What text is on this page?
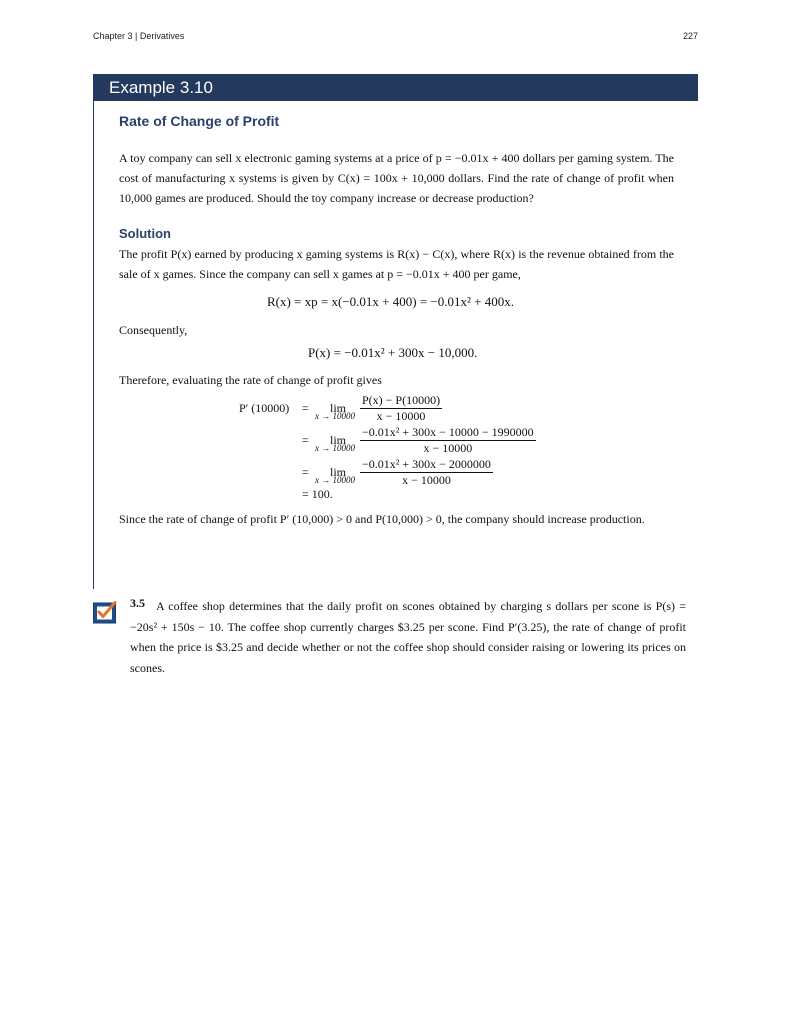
Chapter 3 | Derivatives	227
Example 3.10
Rate of Change of Profit
A toy company can sell x electronic gaming systems at a price of p = −0.01x + 400 dollars per gaming system. The cost of manufacturing x systems is given by C(x) = 100x + 10,000 dollars. Find the rate of change of profit when 10,000 games are produced. Should the toy company increase or decrease production?
Solution
The profit P(x) earned by producing x gaming systems is R(x) − C(x), where R(x) is the revenue obtained from the sale of x games. Since the company can sell x games at p = −0.01x + 400 per game,
R(x) = xp = x(−0.01x + 400) = −0.01x² + 400x.
Consequently,
P(x) = −0.01x² + 300x − 10,000.
Therefore, evaluating the rate of change of profit gives
P′ (10000) = lim
$x \to 10000 \frac{P(x) - P(10000)}{x - 10000}$
= lim
$x \to 10000 \frac{\text{−0.01x² + 300x − 10000 − 1990000}}{x - 10000}$
= lim
$x \to 10000 \frac{\text{−0.01x² + 300x − 2000000}}{x - 10000}$
= 100.
Since the rate of change of profit P′ (10,000) > 0 and P(10,000) > 0, the company should increase production.
3.5 A coffee shop determines that the daily profit on scones obtained by charging s dollars per scone is P(s) = −20s² + 150s − 10. The coffee shop currently charges $3.25 per scone. Find P′(3.25), the rate of change of profit when the price is $3.25 and decide whether or not the coffee shop should consider raising or lowering its prices on scones.
